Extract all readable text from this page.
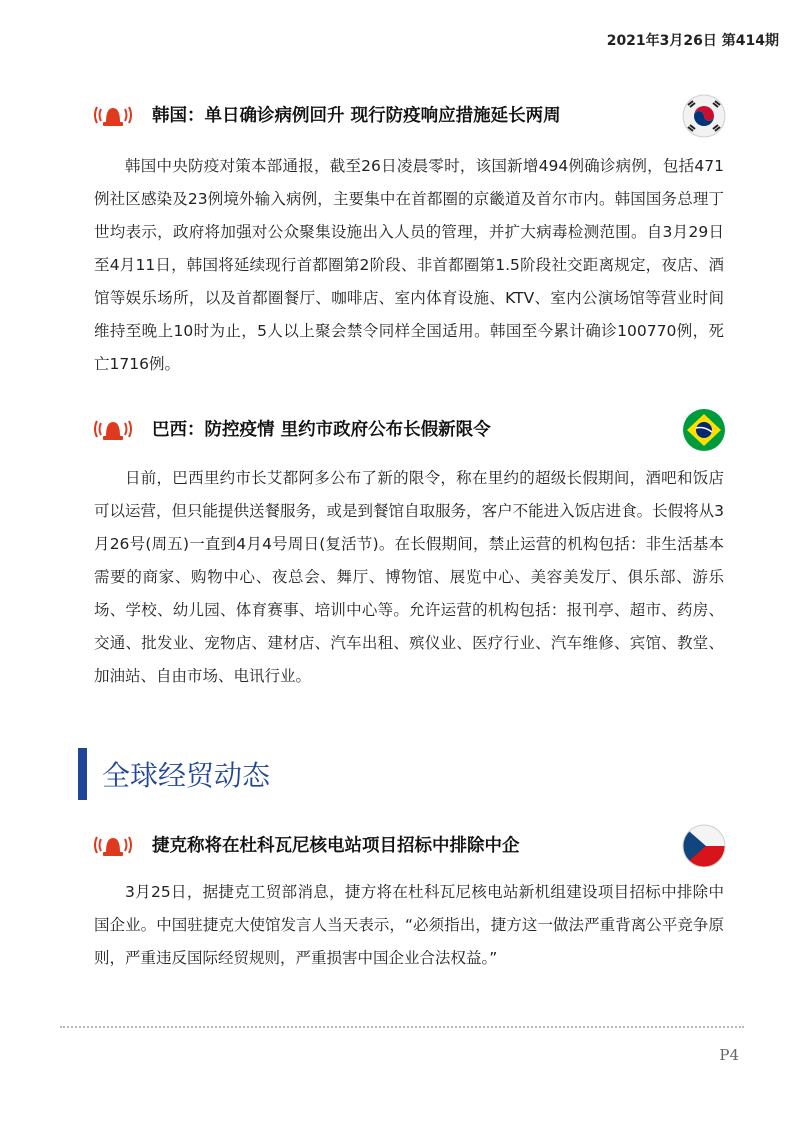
2021年3月26日 第414期
韩国：单日确诊病例回升 现行防疫响应措施延长两周

韩国中央防疫对策本部通报，截至26日凌晨零时，该国新增494例确诊病例，包括471例社区感染及23例境外输入病例，主要集中在首都圈的京畿道及首尔市内。韩国国务总理丁世均表示，政府将加强对公众聚集设施出入人员的管理，并扩大病毒检测范围。自3月29日至4月11日，韩国将延续现行首都圈第2阶段、非首都圈第1.5阶段社交距离规定，夜店、酒馆等娱乐场所，以及首都圈餐厅、咖啡店、室内体育设施、KTV、室内公演场馆等营业时间维持至晚上10时为止，5人以上聚会禁令同样全国适用。韩国至今累计确诊100770例，死亡1716例。

巴西：防控疫情 里约市政府公布长假新限令

日前，巴西里约市长艾都阿多公布了新的限令，称在里约的超级长假期间，酒吧和饭店可以运营，但只能提供送餐服务，或是到餐馆自取服务，客户不能进入饭店进食。长假将从3月26号(周五)一直到4月4号周日(复活节)。在长假期间，禁止运营的机构包括：非生活基本需要的商家、购物中心、夜总会、舞厅、博物馆、展览中心、美容美发厅、俱乐部、游乐场、学校、幼儿园、体育赛事、培训中心等。允许运营的机构包括：报刊亭、超市、药房、交通、批发业、宠物店、建材店、汽车出租、殡仪业、医疗行业、汽车维修、宾馆、教堂、加油站、自由市场、电讯行业。

全球经贸动态
捷克称将在杜科瓦尼核电站项目招标中排除中企

3月25日，据捷克工贸部消息，捷方将在杜科瓦尼核电站新机组建设项目招标中排除中国企业。中国驻捷克大使馆发言人当天表示，“必须指出，捷方这一做法严重背离公平竞争原则，严重违反国际经贸规则，严重损害中国企业合法权益。”

P4
